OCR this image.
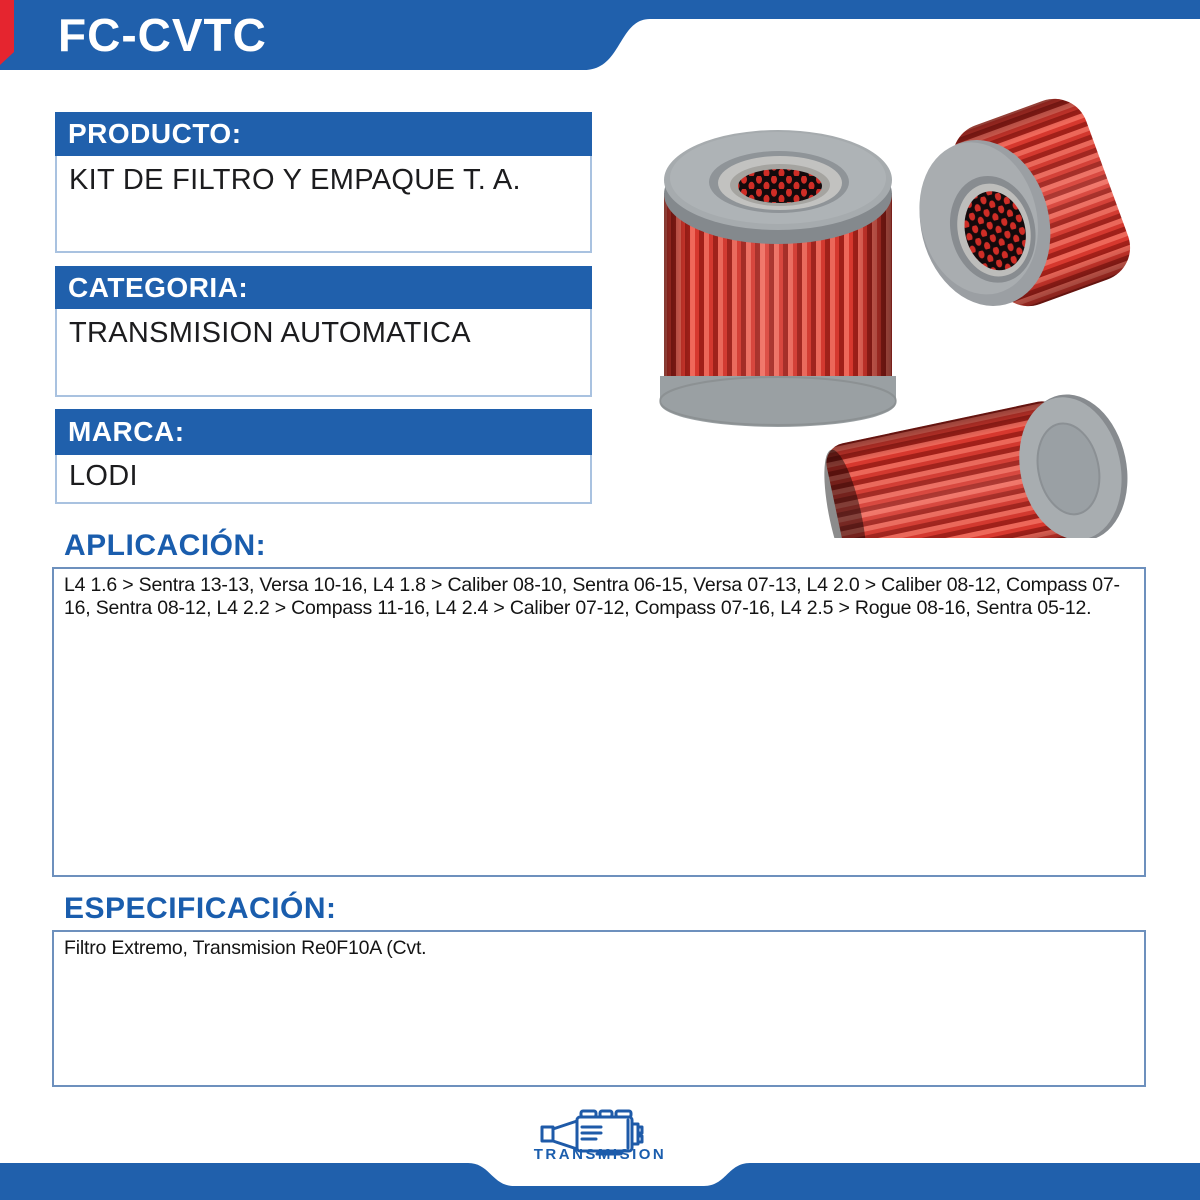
FC-CVTC
PRODUCTO:
KIT DE FILTRO Y EMPAQUE T. A.
CATEGORIA:
TRANSMISION AUTOMATICA
MARCA:
LODI
APLICACIÓN:
L4 1.6 > Sentra 13-13, Versa 10-16, L4 1.8 > Caliber 08-10, Sentra 06-15, Versa 07-13, L4 2.0 > Caliber 08-12, Compass 07-16, Sentra 08-12, L4 2.2 > Compass 11-16, L4 2.4 > Caliber 07-12, Compass 07-16, L4 2.5 > Rogue 08-16, Sentra 05-12.
ESPECIFICACIÓN:
Filtro Extremo, Transmision Re0F10A (Cvt.
TRANSMISION
